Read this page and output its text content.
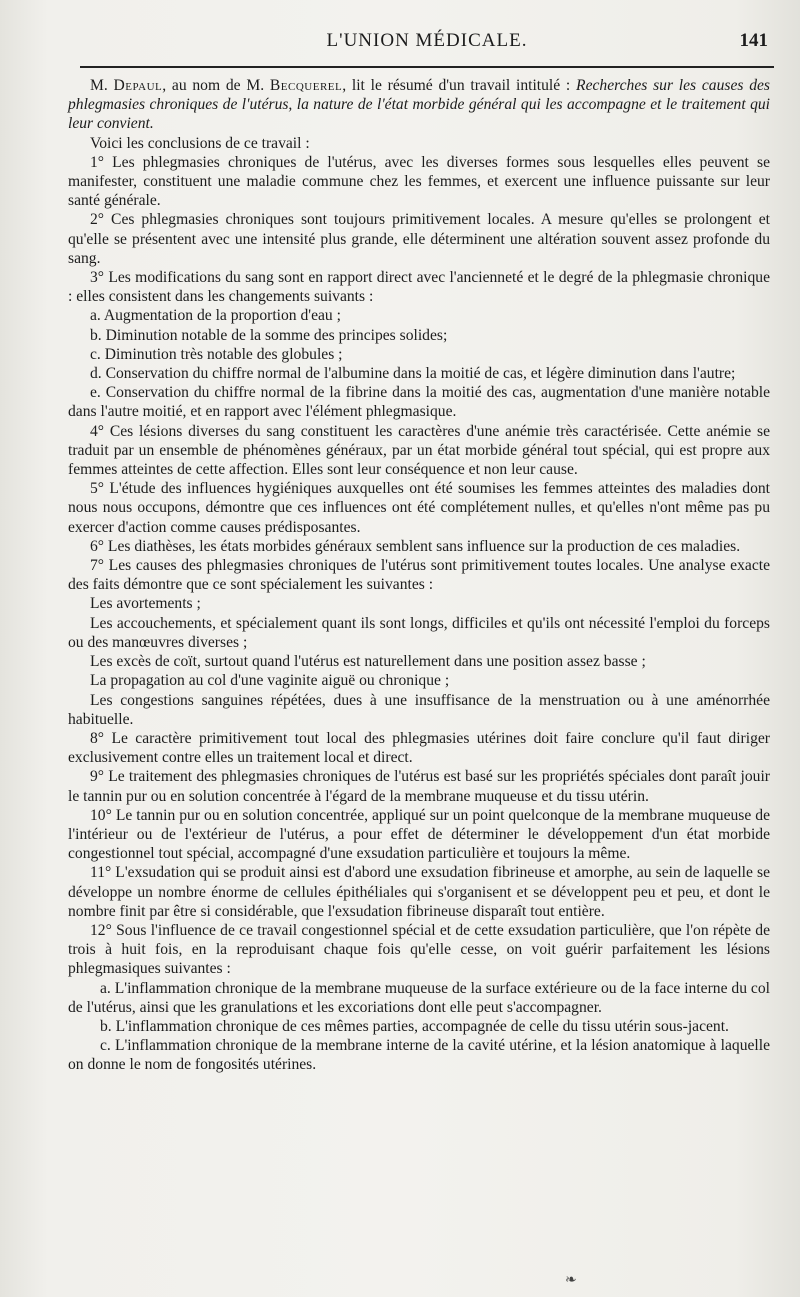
L'UNION MÉDICALE.	141

M. Depaul, au nom de M. Becquerel, lit le résumé d'un travail intitulé : Recherches sur les causes des phlegmasies chroniques de l'utérus, la nature de l'état morbide général qui les accompagne et le traitement qui leur convient.

Voici les conclusions de ce travail :

1° Les phlegmasies chroniques de l'utérus, avec les diverses formes sous lesquelles elles peuvent se manifester, constituent une maladie commune chez les femmes, et exercent une influence puissante sur leur santé générale.

2° Ces phlegmasies chroniques sont toujours primitivement locales. A mesure qu'elles se prolongent et qu'elle se présentent avec une intensité plus grande, elle déterminent une altération souvent assez profonde du sang.

3° Les modifications du sang sont en rapport direct avec l'ancienneté et le degré de la phlegmasie chronique : elles consistent dans les changements suivants :

a. Augmentation de la proportion d'eau ;

b. Diminution notable de la somme des principes solides;

c. Diminution très notable des globules ;

d. Conservation du chiffre normal de l'albumine dans la moitié de cas, et légère diminution dans l'autre;

e. Conservation du chiffre normal de la fibrine dans la moitié des cas, augmentation d'une manière notable dans l'autre moitié, et en rapport avec l'élément phlegmasique.

4° Ces lésions diverses du sang constituent les caractères d'une anémie très caractérisée. Cette anémie se traduit par un ensemble de phénomènes généraux, par un état morbide général tout spécial, qui est propre aux femmes atteintes de cette affection. Elles sont leur conséquence et non leur cause.

5° L'étude des influences hygiéniques auxquelles ont été soumises les femmes atteintes des maladies dont nous nous occupons, démontre que ces influences ont été complétement nulles, et qu'elles n'ont même pas pu exercer d'action comme causes prédisposantes.

6° Les diathèses, les états morbides généraux semblent sans influence sur la production de ces maladies.

7° Les causes des phlegmasies chroniques de l'utérus sont primitivement toutes locales. Une analyse exacte des faits démontre que ce sont spécialement les suivantes :

Les avortements ;

Les accouchements, et spécialement quant ils sont longs, difficiles et qu'ils ont nécessité l'emploi du forceps ou des manœuvres diverses ;

Les excès de coït, surtout quand l'utérus est naturellement dans une position assez basse ;

La propagation au col d'une vaginite aiguë ou chronique ;

Les congestions sanguines répétées, dues à une insuffisance de la menstruation ou à une aménorrhée habituelle.

8° Le caractère primitivement tout local des phlegmasies utérines doit faire conclure qu'il faut diriger exclusivement contre elles un traitement local et direct.

9° Le traitement des phlegmasies chroniques de l'utérus est basé sur les propriétés spéciales dont paraît jouir le tannin pur ou en solution concentrée à l'égard de la membrane muqueuse et du tissu utérin.

10° Le tannin pur ou en solution concentrée, appliqué sur un point quelconque de la membrane muqueuse de l'intérieur ou de l'extérieur de l'utérus, a pour effet de déterminer le développement d'un état morbide congestionnel tout spécial, accompagné d'une exsudation particulière et toujours la même.

11° L'exsudation qui se produit ainsi est d'abord une exsudation fibrineuse et amorphe, au sein de laquelle se développe un nombre énorme de cellules épithéliales qui s'organisent et se développent peu et peu, et dont le nombre finit par être si considérable, que l'exsudation fibrineuse disparaît tout entière.

12° Sous l'influence de ce travail congestionnel spécial et de cette exsudation particulière, que l'on répète de trois à huit fois, en la reproduisant chaque fois qu'elle cesse, on voit guérir parfaitement les lésions phlegmasiques suivantes :

a. L'inflammation chronique de la membrane muqueuse de la surface extérieure ou de la face interne du col de l'utérus, ainsi que les granulations et les excoriations dont elle peut s'accompagner.

b. L'inflammation chronique de ces mêmes parties, accompagnée de celle du tissu utérin sous-jacent.

c. L'inflammation chronique de la membrane interne de la cavité utérine, et la lésion anatomique à laquelle on donne le nom de fongosités utérines.

❧
